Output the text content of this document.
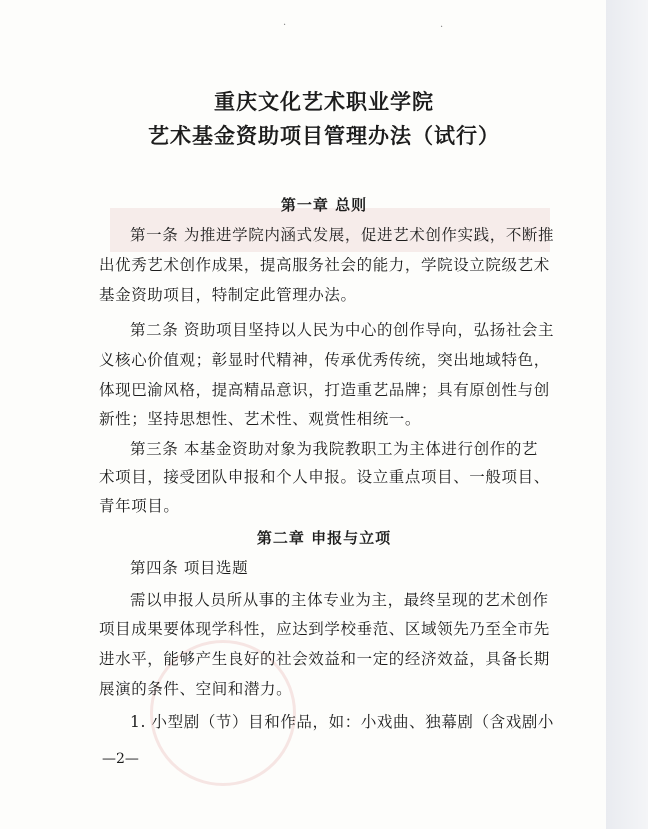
·	·
重庆文化艺术职业学院
艺术基金资助项目管理办法（试行）
第一章 总则
第一条 为推进学院内涵式发展，促进艺术创作实践，不断推
出优秀艺术创作成果，提高服务社会的能力，学院设立院级艺术
基金资助项目，特制定此管理办法。
第二条 资助项目坚持以人民为中心的创作导向，弘扬社会主
义核心价值观；彰显时代精神，传承优秀传统，突出地域特色，
体现巴渝风格，提高精品意识，打造重艺品牌；具有原创性与创
新性；坚持思想性、艺术性、观赏性相统一。
第三条 本基金资助对象为我院教职工为主体进行创作的艺
术项目，接受团队申报和个人申报。设立重点项目、一般项目、
青年项目。
第二章 申报与立项
第四条 项目选题
需以申报人员所从事的主体专业为主，最终呈现的艺术创作
项目成果要体现学科性，应达到学校垂范、区域领先乃至全市先
进水平，能够产生良好的社会效益和一定的经济效益，具备长期
展演的条件、空间和潜力。
1. 小型剧（节）目和作品，如：小戏曲、独幕剧（含戏剧小
—2—
